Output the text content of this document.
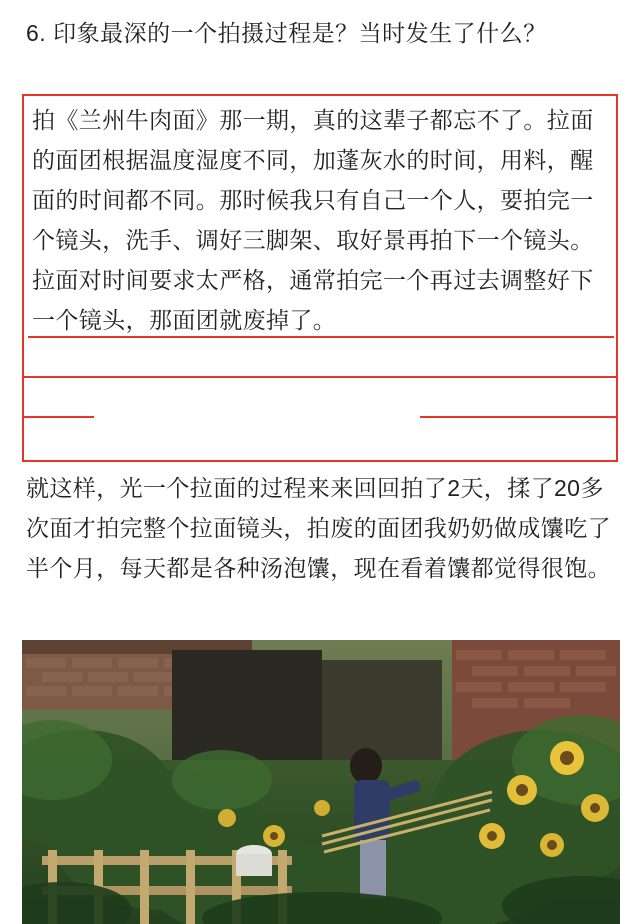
6. 印象最深的一个拍摄过程是？当时发生了什么？
拍《兰州牛肉面》那一期，真的这辈子都忘不了。拉面的面团根据温度湿度不同，加蓬灰水的时间，用料，醒面的时间都不同。那时候我只有自己一个人，要拍完一个镜头，洗手、调好三脚架、取好景再拍下一个镜头。拉面对时间要求太严格，通常拍完一个再过去调整好下一个镜头，那面团就废掉了。
就这样，光一个拉面的过程来来回回拍了2天，揉了20多次面才拍完整个拉面镜头，拍废的面团我奶奶做成馕吃了半个月，每天都是各种汤泡馕，现在看着馕都觉得很饱。
